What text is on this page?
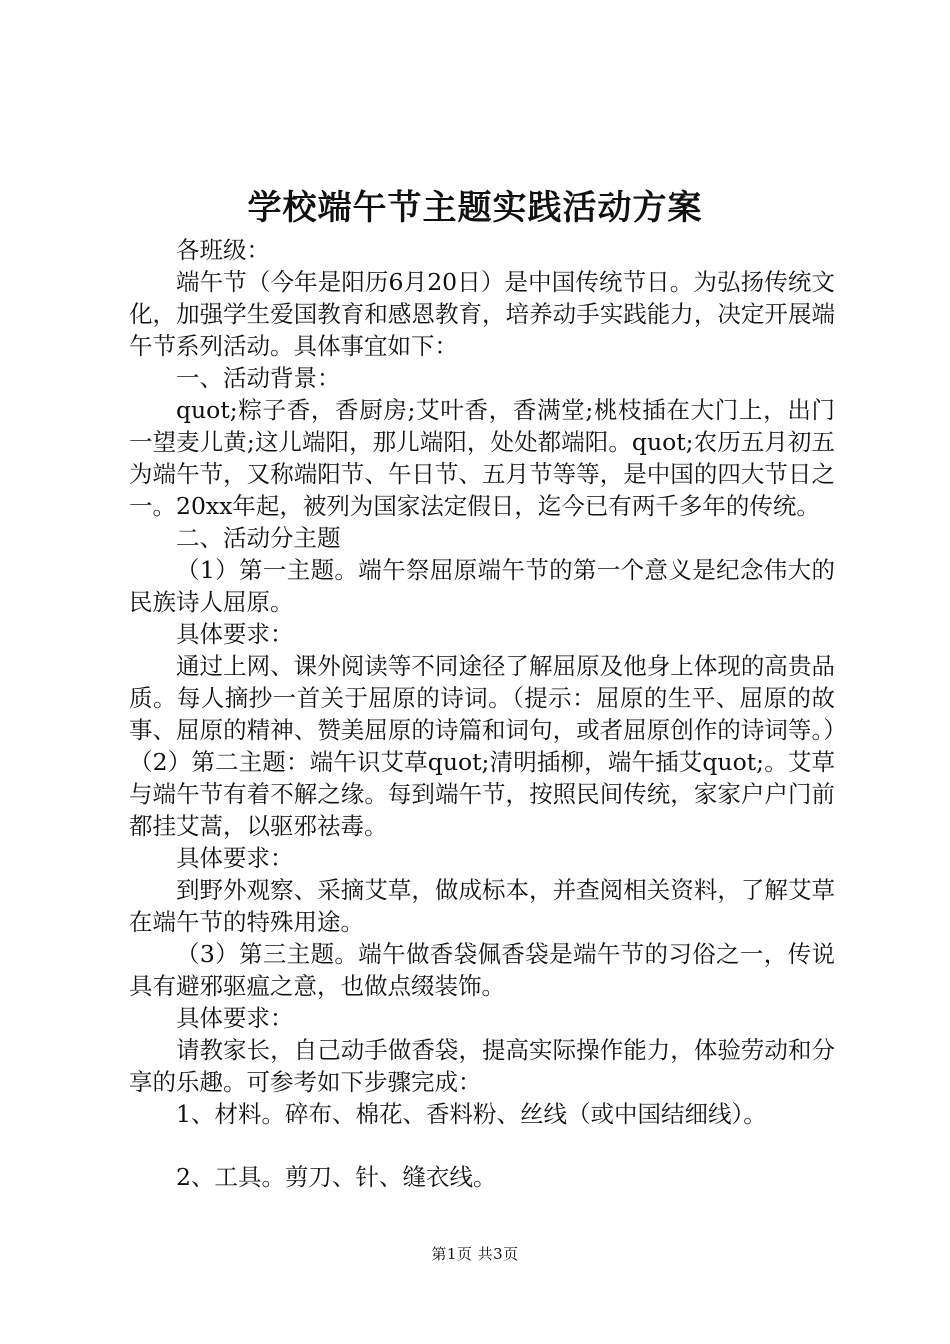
学校端午节主题实践活动方案

各班级：

端午节（今年是阳历6月20日）是中国传统节日。为弘扬传统文化，加强学生爱国教育和感恩教育，培养动手实践能力，决定开展端午节系列活动。具体事宜如下：

一、活动背景：

quot;粽子香，香厨房;艾叶香，香满堂;桃枝插在大门上，出门一望麦儿黄;这儿端阳，那儿端阳，处处都端阳。quot;农历五月初五为端午节，又称端阳节、午日节、五月节等等，是中国的四大节日之一。20xx年起，被列为国家法定假日，迄今已有两千多年的传统。

二、活动分主题

（1）第一主题。端午祭屈原端午节的第一个意义是纪念伟大的民族诗人屈原。

具体要求：

通过上网、课外阅读等不同途径了解屈原及他身上体现的高贵品质。每人摘抄一首关于屈原的诗词。（提示：屈原的生平、屈原的故事、屈原的精神、赞美屈原的诗篇和词句，或者屈原创作的诗词等。）（2）第二主题：端午识艾草quot;清明插柳，端午插艾quot;。艾草与端午节有着不解之缘。每到端午节，按照民间传统，家家户户门前都挂艾蒿，以驱邪祛毒。

具体要求：

到野外观察、采摘艾草，做成标本，并查阅相关资料，了解艾草在端午节的特殊用途。

（3）第三主题。端午做香袋佩香袋是端午节的习俗之一，传说具有避邪驱瘟之意，也做点缀装饰。

具体要求：

请教家长，自己动手做香袋，提高实际操作能力，体验劳动和分享的乐趣。可参考如下步骤完成：

1、材料。碎布、棉花、香料粉、丝线（或中国结细线）。

2、工具。剪刀、针、缝衣线。

第1页 共3页
